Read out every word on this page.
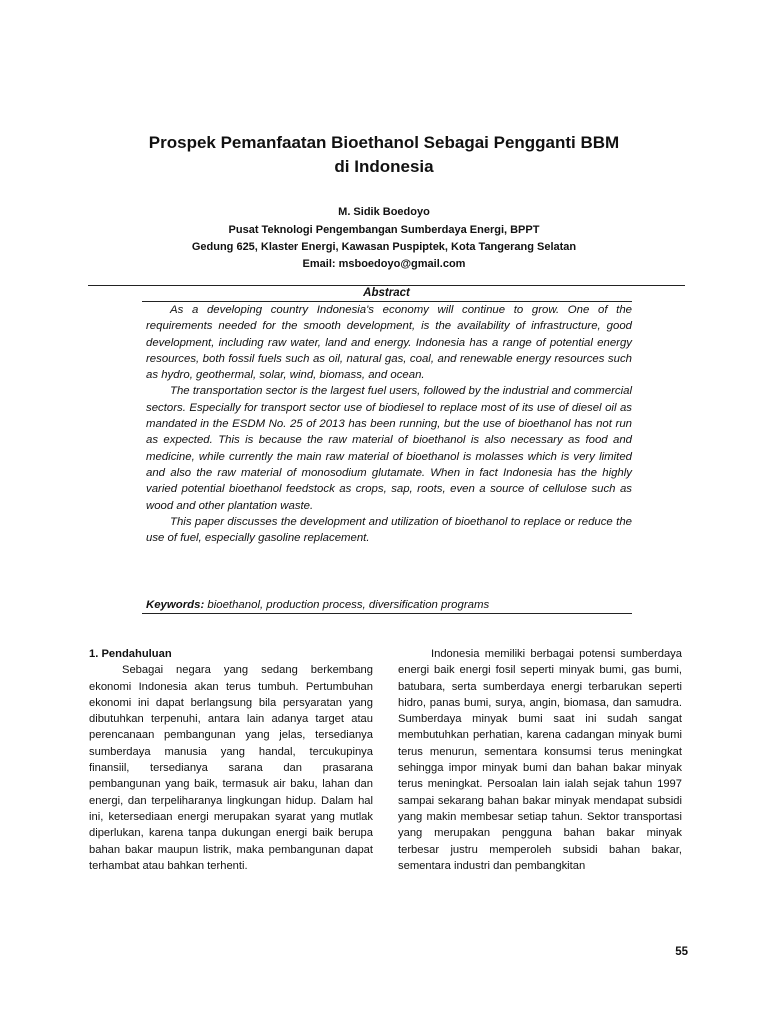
Prospek Pemanfaatan Bioethanol Sebagai Pengganti BBM
di Indonesia
M. Sidik Boedoyo
Pusat Teknologi Pengembangan Sumberdaya Energi, BPPT
Gedung 625, Klaster Energi, Kawasan Puspiptek, Kota Tangerang Selatan
Email: msboedoyo@gmail.com
Abstract

As a developing country Indonesia's economy will continue to grow. One of the requirements needed for the smooth development, is the availability of infrastructure, good development, including raw water, land and energy. Indonesia has a range of potential energy resources, both fossil fuels such as oil, natural gas, coal, and renewable energy resources such as hydro, geothermal, solar, wind, biomass, and ocean.

The transportation sector is the largest fuel users, followed by the industrial and commercial sectors. Especially for transport sector use of biodiesel to replace most of its use of diesel oil as mandated in the ESDM No. 25 of 2013 has been running, but the use of bioethanol has not run as expected. This is because the raw material of bioethanol is also necessary as food and medicine, while currently the main raw material of bioethanol is molasses which is very limited and also the raw material of monosodium glutamate. When in fact Indonesia has the highly varied potential bioethanol feedstock as crops, sap, roots, even a source of cellulose such as wood and other plantation waste.

This paper discusses the development and utilization of bioethanol to replace or reduce the use of fuel, especially gasoline replacement.

Keywords: bioethanol, production process, diversification programs
1. Pendahuluan

Sebagai negara yang sedang berkembang ekonomi Indonesia akan terus tumbuh. Pertumbuhan ekonomi ini dapat berlangsung bila persyaratan yang dibutuhkan terpenuhi, antara lain adanya target atau perencanaan pembangunan yang jelas, tersedianya sumberdaya manusia yang handal, tercukupinya finansiil, tersedianya sarana dan prasarana pembangunan yang baik, termasuk air baku, lahan dan energi, dan terpeliharanya lingkungan hidup. Dalam hal ini, ketersediaan energi merupakan syarat yang mutlak diperlukan, karena tanpa dukungan energi baik berupa bahan bakar maupun listrik, maka pembangunan dapat terhambat atau bahkan terhenti.

Indonesia memiliki berbagai potensi sumberdaya energi baik energi fosil seperti minyak bumi, gas bumi, batubara, serta sumberdaya energi terbarukan seperti hidro, panas bumi, surya, angin, biomasa, dan samudra. Sumberdaya minyak bumi saat ini sudah sangat membutuhkan perhatian, karena cadangan minyak bumi terus menurun, sementara konsumsi terus meningkat sehingga impor minyak bumi dan bahan bakar minyak terus meningkat. Persoalan lain ialah sejak tahun 1997 sampai sekarang bahan bakar minyak mendapat subsidi yang makin membesar setiap tahun. Sektor transportasi yang merupakan pengguna bahan bakar minyak terbesar justru memperoleh subsidi bahan bakar, sementara industri dan pembangkitan

55
